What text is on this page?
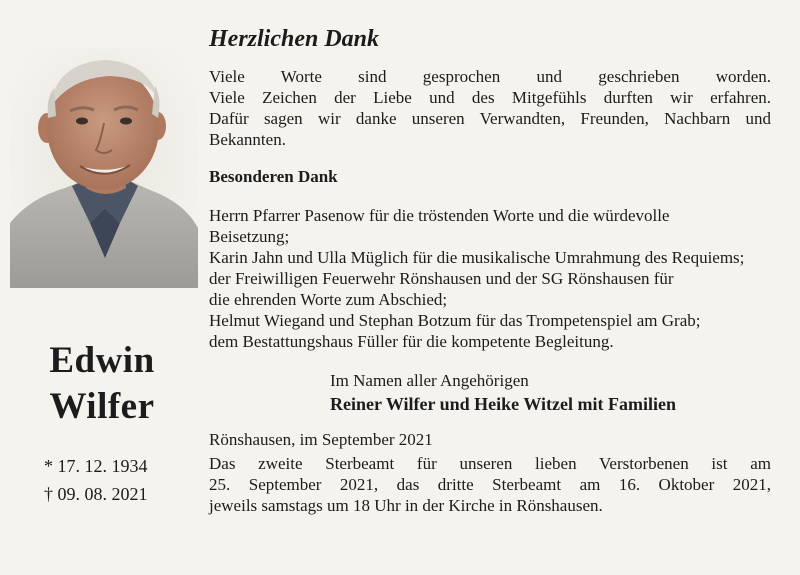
Edwin
Wilfer
* 17. 12. 1934
† 09. 08. 2021
Herzlichen Dank
Viele Worte sind gesprochen und geschrieben worden.
Viele Zeichen der Liebe und des Mitgefühls durften wir erfahren.
Dafür sagen wir danke unseren Verwandten, Freunden, Nachbarn und
Bekannten.
Besonderen Dank
Herrn Pfarrer Pasenow für die tröstenden Worte und die würdevolle
Beisetzung;
Karin Jahn und Ulla Müglich für die musikalische Umrahmung des Requiems;
der Freiwilligen Feuerwehr Rönshausen und der SG Rönshausen für
die ehrenden Worte zum Abschied;
Helmut Wiegand und Stephan Botzum für das Trompetenspiel am Grab;
dem Bestattungshaus Füller für die kompetente Begleitung.
Im Namen aller Angehörigen
Reiner Wilfer und Heike Witzel mit Familien
Rönshausen, im September 2021
Das zweite Sterbeamt für unseren lieben Verstorbenen ist am
25. September 2021, das dritte Sterbeamt am 16. Oktober 2021,
jeweils samstags um 18 Uhr in der Kirche in Rönshausen.
